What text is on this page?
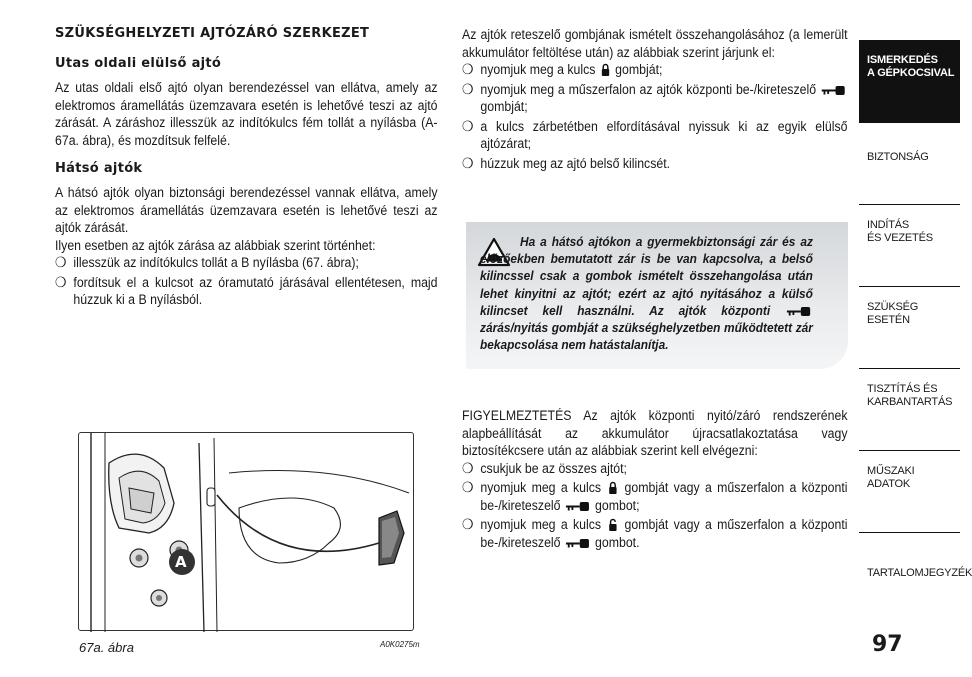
SZÜKSÉGHELYZETI AJTÓZÁRÓ SZERKEZET
Utas oldali elülső ajtó

Az utas oldali első ajtó olyan berendezéssel van ellátva, amely az elektromos áramellátás üzemzavara esetén is lehetővé teszi az ajtó zárását. A záráshoz illesszük az indítókulcs fém tollát a nyílásba (A-67a. ábra), és mozdítsuk felfelé.

Hátsó ajtók

A hátsó ajtók olyan biztonsági berendezéssel vannak ellátva, amely az elektromos áramellátás üzemzavara esetén is lehetővé teszi az ajtók zárását.

Ilyen esetben az ajtók zárása az alábbiak szerint történhet:

❍ illesszük az indítókulcs tollát a B nyílásba (67. ábra);
❍ fordítsuk el a kulcsot az óramutató járásával ellentétesen, majd húzzuk ki a B nyílásból.

Az ajtók reteszelő gombjának ismételt összehangolásához (a lemerült akkumulátor feltöltése után) az alábbiak szerint járjunk el:

❍ nyomjuk meg a kulcs gombját;
❍ nyomjuk meg a műszerfalon az ajtók központi be-/kireteszelő  gombját;
❍ a kulcs zárbetétben elfordításával nyissuk ki az egyik elülső ajtózárat;
❍ húzzuk meg az ajtó belső kilincsét.
Ha a hátsó ajtókon a gyermekbiztonsági zár és az előzőekben bemutatott zár is be van kapcsolva, a belső kilincssel csak a gombok ismételt összehangolása után lehet kinyitni az ajtót; ezért az ajtó nyitásához a külső kilincset kell használni. Az ajtók központi  zárás/nyitás gombját a szükséghelyzetben működtetett zár bekapcsolása nem hatástalanítja.

FIGYELMEZTETÉS Az ajtók központi nyitó/záró rendszerének alapbeállítását az akkumulátor újracsatlakoztatása vagy biztosítékcsere után az alábbiak szerint kell elvégezni:

❍ csukjuk be az összes ajtót;
❍ nyomjuk meg a kulcs gombját vagy a műszerfalon a központi be-/kireteszelő	gombot;
❍ nyomjuk meg a kulcs gombját vagy a műszerfalon a központi be-/kireteszelő	gombot.
A
67a. ábra	A0K0275m
ISMERKEDÉS
A GÉPKOCSIVAL
BIZTONSÁG
INDÍTÁS
ÉS VEZETÉS
SZÜKSÉG
ESETÉN
TISZTÍTÁS ÉS
KARBANTARTÁS
MŰSZAKI
ADATOK
TARTALOMJEGYZÉK
97
